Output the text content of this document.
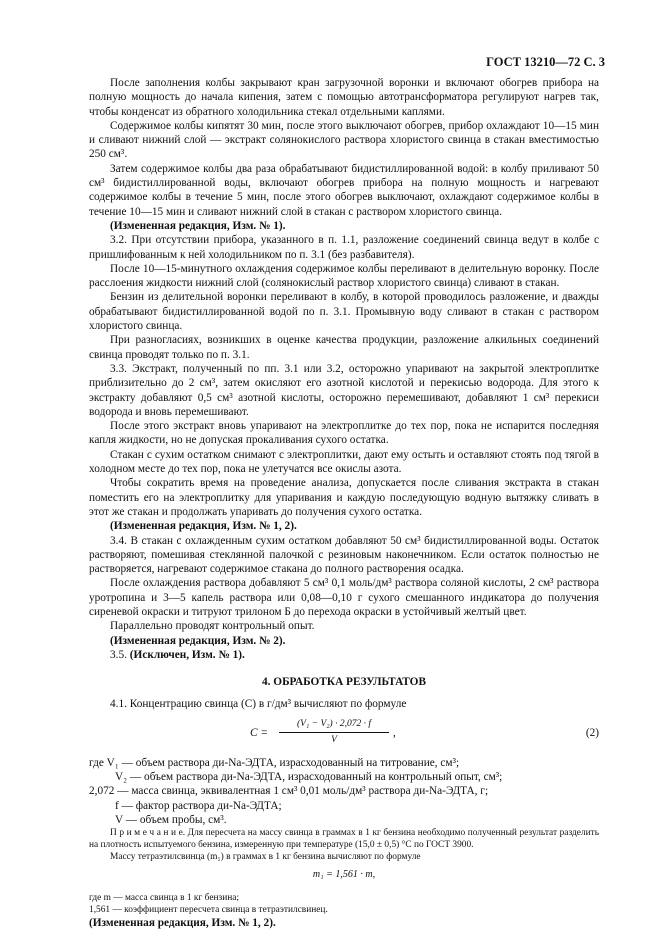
ГОСТ 13210—72 С. 3

После заполнения колбы закрывают кран загрузочной воронки и включают обогрев прибора на полную мощность до начала кипения, затем с помощью автотрансформатора регулируют нагрев так, чтобы конденсат из обратного холодильника стекал отдельными каплями.

Содержимое колбы кипятят 30 мин, после этого выключают обогрев, прибор охлаждают 10—15 мин и сливают нижний слой — экстракт солянокислого раствора хлористого свинца в стакан вместимостью 250 см³.

Затем содержимое колбы два раза обрабатывают бидистиллированной водой: в колбу приливают 50 см³ бидистиллированной воды, включают обогрев прибора на полную мощность и нагревают содержимое колбы в течение 5 мин, после этого обогрев выключают, охлаждают содержимое колбы в течение 10—15 мин и сливают нижний слой в стакан с раствором хлористого свинца.

(Измененная редакция, Изм. № 1).

3.2. При отсутствии прибора, указанного в п. 1.1, разложение соединений свинца ведут в колбе с пришлифованным к ней холодильником по п. 3.1 (без разбавителя).

После 10—15-минутного охлаждения содержимое колбы переливают в делительную воронку. После расслоения жидкости нижний слой (солянокислый раствор хлористого свинца) сливают в стакан.

Бензин из делительной воронки переливают в колбу, в которой проводилось разложение, и дважды обрабатывают бидистиллированной водой по п. 3.1. Промывную воду сливают в стакан с раствором хлористого свинца.

При разногласиях, возникших в оценке качества продукции, разложение алкильных соединений свинца проводят только по п. 3.1.

3.3. Экстракт, полученный по пп. 3.1 или 3.2, осторожно упаривают на закрытой электроплитке приблизительно до 2 см³, затем окисляют его азотной кислотой и перекисью водорода. Для этого к экстракту добавляют 0,5 см³ азотной кислоты, осторожно перемешивают, добавляют 1 см³ перекиси водорода и вновь перемешивают.

После этого экстракт вновь упаривают на электроплитке до тех пор, пока не испарится последняя капля жидкости, но не допуская прокаливания сухого остатка.

Стакан с сухим остатком снимают с электроплитки, дают ему остыть и оставляют стоять под тягой в холодном месте до тех пор, пока не улетучатся все окислы азота.

Чтобы сократить время на проведение анализа, допускается после сливания экстракта в стакан поместить его на электроплитку для упаривания и каждую последующую водную вытяжку сливать в этот же стакан и продолжать упаривать до получения сухого остатка.

(Измененная редакция, Изм. № 1, 2).

3.4. В стакан с охлажденным сухим остатком добавляют 50 см³ бидистиллированной воды. Остаток растворяют, помешивая стеклянной палочкой с резиновым наконечником. Если остаток полностью не растворяется, нагревают содержимое стакана до полного растворения осадка.

После охлаждения раствора добавляют 5 см³ 0,1 моль/дм³ раствора соляной кислоты, 2 см³ раствора уротропина и 3—5 капель раствора или 0,08—0,10 г сухого смешанного индикатора до получения сиреневой окраски и титруют трилоном Б до перехода окраски в устойчивый желтый цвет.

Параллельно проводят контрольный опыт.

(Измененная редакция, Изм. № 2).

3.5. (Исключен, Изм. № 1).

4. ОБРАБОТКА РЕЗУЛЬТАТОВ

4.1. Концентрацию свинца (C) в г/дм³ вычисляют по формуле

$C = \frac{\text{(V₁ − V₂) · 2,072 · f}}{V}$ ,	(2)
где V₁ — объем раствора ди-Na-ЭДТА, израсходованный на титрование, см³;
V₂ — объем раствора ди-Na-ЭДТА, израсходованный на контрольный опыт, см³;
2,072 — масса свинца, эквивалентная 1 см³ 0,01 моль/дм³ раствора ди-Na-ЭДТА, г;
f — фактор раствора ди-Na-ЭДТА;
V — объем пробы, см³.

П р и м е ч а н и е. Для пересчета на массу свинца в граммах в 1 кг бензина необходимо полученный результат разделить на плотность испытуемого бензина, измеренную при температуре (15,0 ± 0,5) °С по ГОСТ 3900.

Массу тетраэтилсвинца (m₁) в граммах в 1 кг бензина вычисляют по формуле

m₁ = 1,561 · m,
где m — масса свинца в 1 кг бензина;
1,561 — коэффициент пересчета свинца в тетраэтилсвинец.

(Измененная редакция, Изм. № 1, 2).
